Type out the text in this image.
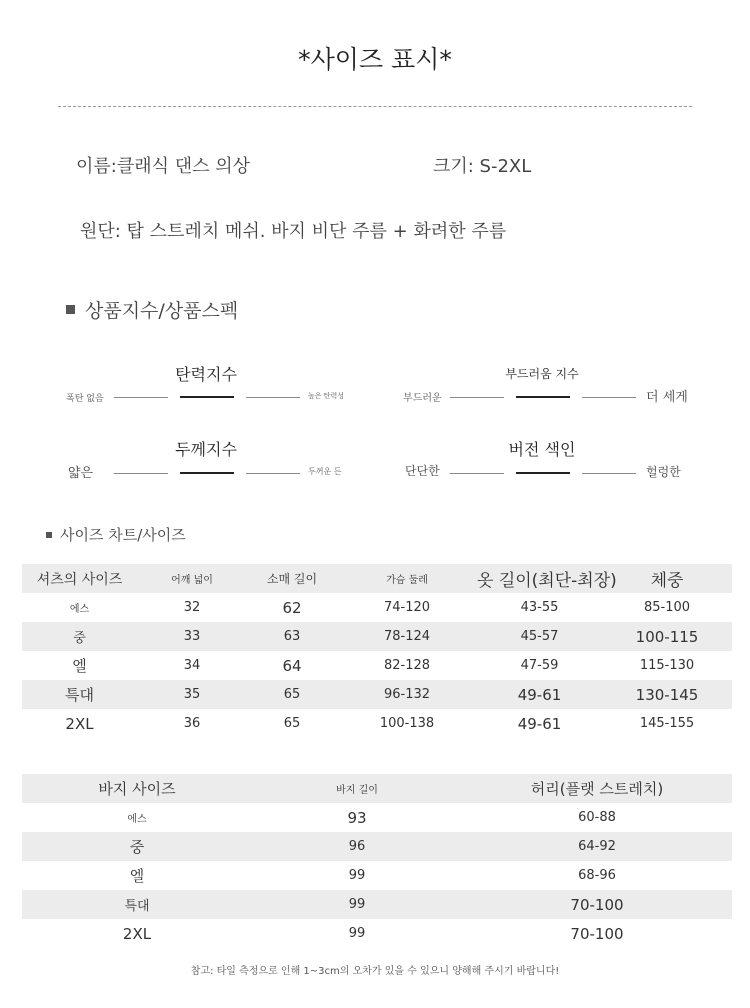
*사이즈 표시*
이름:클래식 댄스 의상	크기: S-2XL
원단: 탑 스트레치 메쉬. 바지 비단 주름 + 화려한 주름
상품지수/상품스펙
탄력지수
폭탄 없음	높은 탄력성
부드러움 지수
부드러운	더 세게
두께지수
얇은	두꺼운 든
버전 색인
단단한	헐렁한
사이즈 차트/사이즈
셔츠의 사이즈	어깨 넓이	소매 길이	가슴 둘레	옷 길이(최단-최장)	체중
에스	32	62	74-120	43-55	85-100
중	33	63	78-124	45-57	100-115
엘	34	64	82-128	47-59	115-130
특대	35	65	96-132	49-61	130-145
2XL	36	65	100-138	49-61	145-155
바지 사이즈	바지 길이	허리(플랫 스트레치)
에스	93	60-88
중	96	64-92
엘	99	68-96
특대	99	70-100
2XL	99	70-100
참고: 타일 측정으로 인해 1~3cm의 오차가 있을 수 있으니 양해해 주시기 바랍니다!
